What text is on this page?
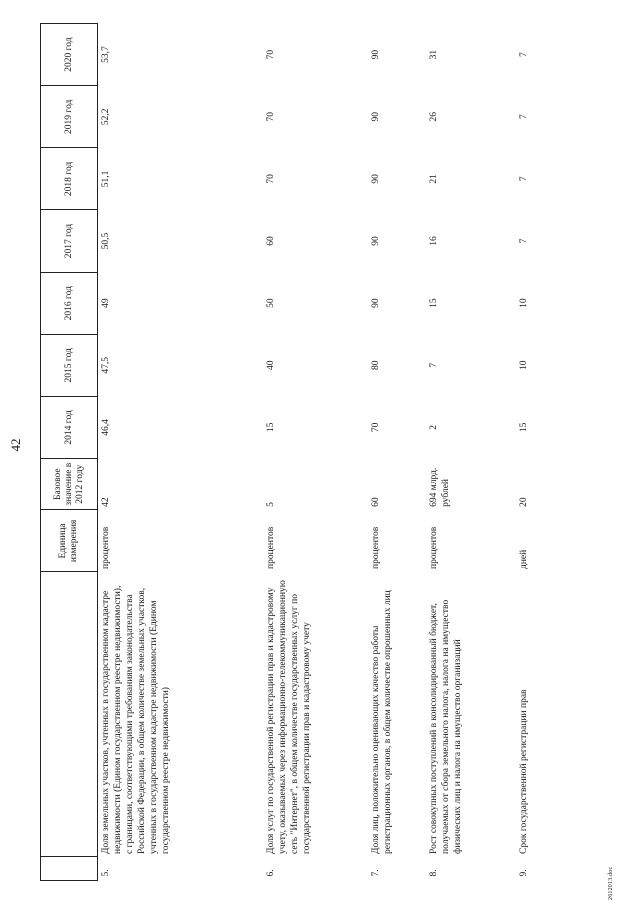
42
		Единица измерения	Базовое значение в 2012 году	2014 год	2015 год	2016 год	2017 год	2018 год	2019 год	2020 год
5.	Доля земельных участков, учтенных в государственном кадастре недвижимости (Едином государственном реестре недвижимости), с границами, соответствующими требованиям законодательства Российской Федерации, в общем количестве земельных участков, учтенных в государственном кадастре недвижимости (Едином государственном реестре недвижимости)	процентов	42	46,4	47,5	49	50,5	51,1	52,2	53,7
6.	Доля услуг по государственной регистрации прав и кадастровому учету, оказываемых через информационно-телекоммуникационную сеть "Интернет", в общем количестве государственных услуг по государственной регистрации прав и кадастровому учету	процентов	5	15	40	50	60	70	70	70
7.	Доля лиц, положительно оценивающих качество работы регистрационных органов, в общем количестве опрошенных лиц	процентов	60	70	80	90	90	90	90	90
8.	Рост совокупных поступлений в консолидированный бюджет, получаемых от сбора земельного налога, налога на имущество физических лиц и налога на имущество организаций	процентов	694 млрд. рублей	2	7	15	16	21	26	31
9.	Срок государственной регистрации прав	дней	20	15	10	10	7	7	7	7
2612013.doc
